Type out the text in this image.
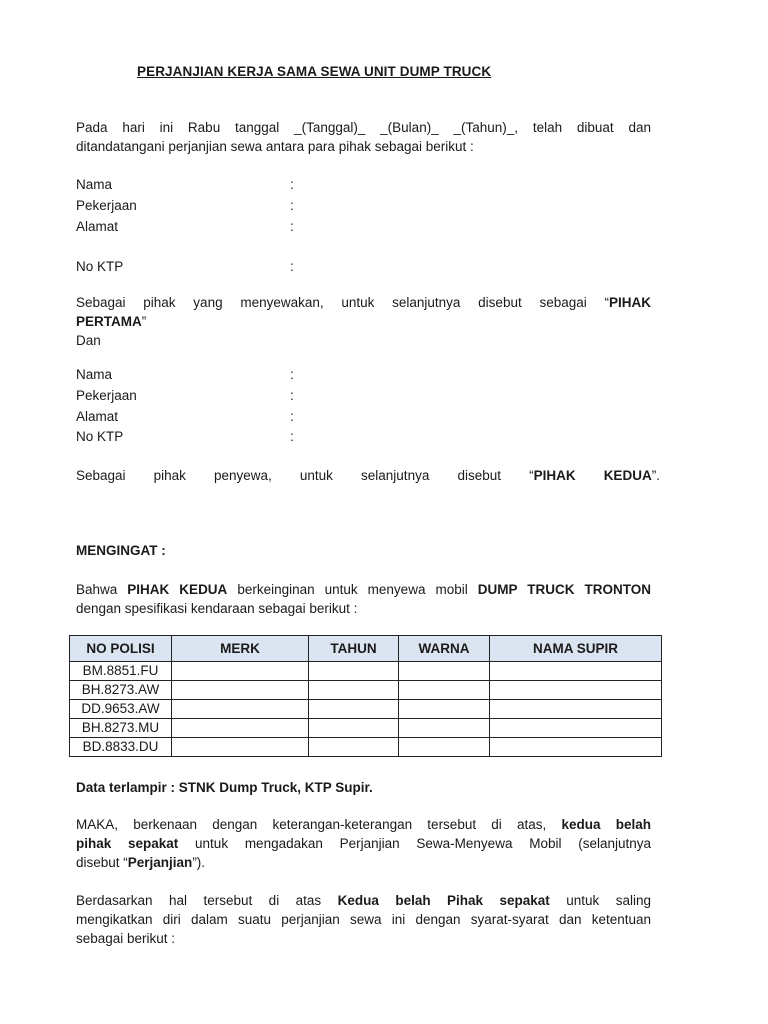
PERJANJIAN KERJA SAMA SEWA UNIT DUMP TRUCK
Pada hari ini Rabu tanggal _(Tanggal)_ _(Bulan)_ _(Tahun)_, telah dibuat dan
ditandatangani perjanjian sewa antara para pihak sebagai berikut :
Nama	:
Pekerjaan	:
Alamat	:
No KTP	:
Sebagai pihak yang menyewakan, untuk selanjutnya disebut sebagai “PIHAK
PERTAMA”
Dan
Nama	:
Pekerjaan	:
Alamat	:
No KTP	:
Sebagai pihak penyewa, untuk selanjutnya disebut “PIHAK KEDUA”.
MENGINGAT :
Bahwa PIHAK KEDUA berkeinginan untuk menyewa mobil DUMP TRUCK TRONTON
dengan spesifikasi kendaraan sebagai berikut :
NO POLISI	MERK	TAHUN	WARNA	NAMA SUPIR
BM.8851.FU				
BH.8273.AW				
DD.9653.AW				
BH.8273.MU				
BD.8833.DU				
Data terlampir : STNK Dump Truck, KTP Supir.
MAKA, berkenaan dengan keterangan-keterangan tersebut di atas, kedua belah
pihak sepakat untuk mengadakan Perjanjian Sewa-Menyewa Mobil (selanjutnya
disebut “Perjanjian”).
Berdasarkan hal tersebut di atas Kedua belah Pihak sepakat untuk saling
mengikatkan diri dalam suatu perjanjian sewa ini dengan syarat-syarat dan ketentuan
sebagai berikut :
